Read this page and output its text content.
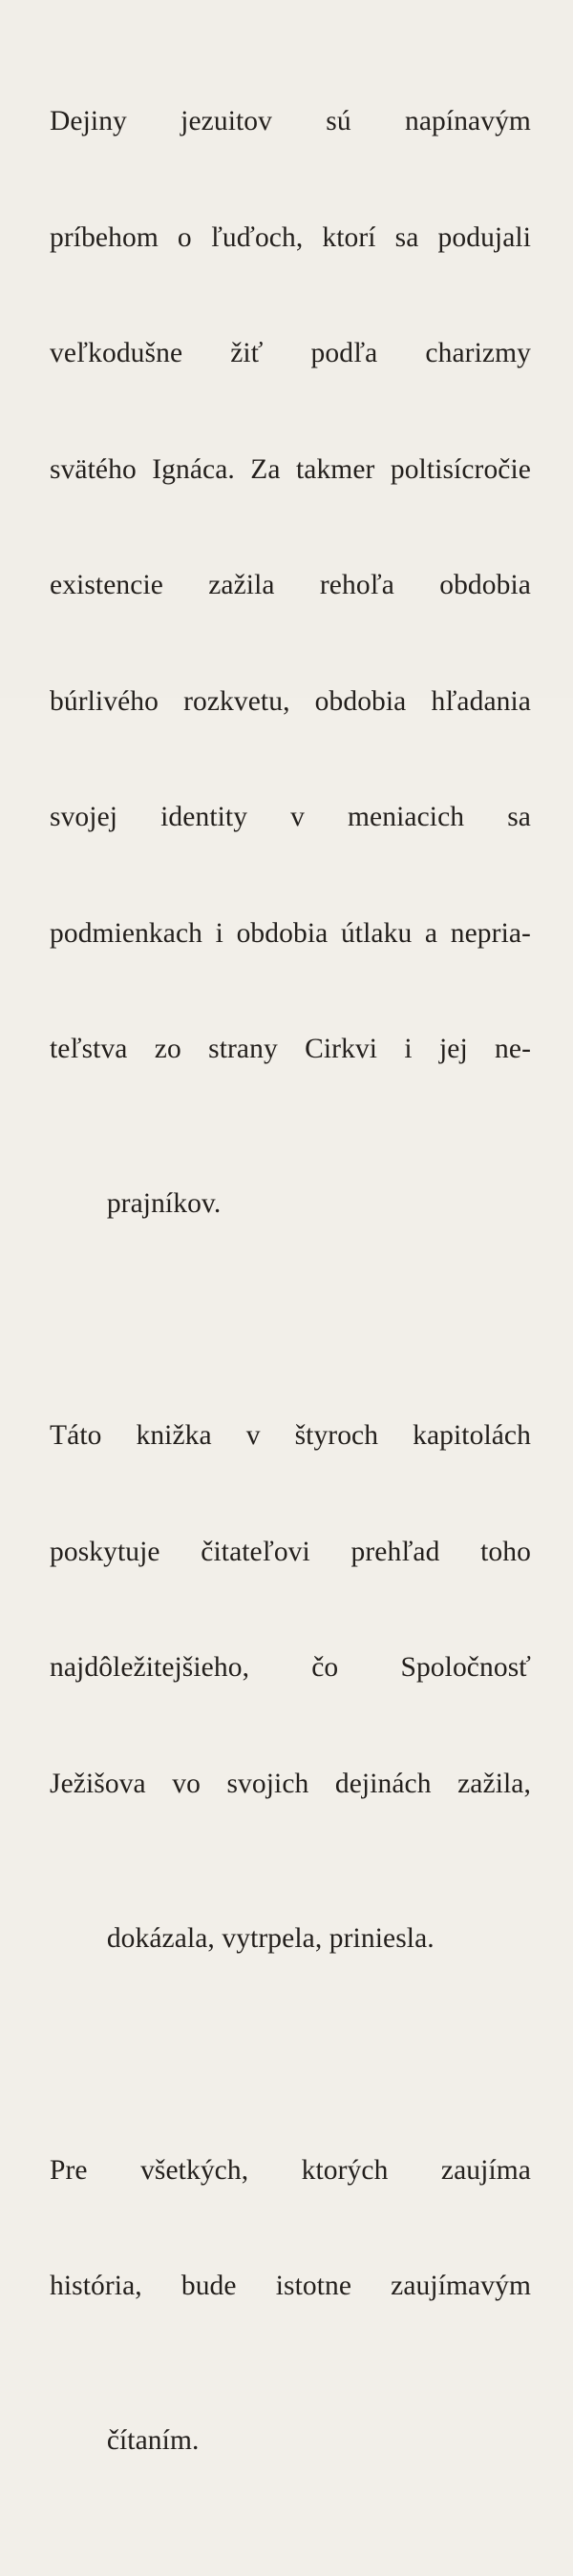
Dejiny jezuitov sú napínavým

príbehom o ľuďoch, ktorí sa podujali

veľkodušne žiť podľa charizmy

svätého Ignáca. Za takmer poltisícročie

existencie zažila rehoľa obdobia

búrlivého rozkvetu, obdobia hľadania

svojej identity v meniacich sa

podmienkach i obdobia útlaku a nepria-

teľstva zo strany Cirkvi i jej ne-

prajníkov.

Táto knižka v štyroch kapitolách

poskytuje čitateľovi prehľad toho

najdôležitejšieho, čo Spoločnosť

Ježišova vo svojich dejinách zažila,

dokázala, vytrpela, priniesla.

Pre všetkých, ktorých zaujíma

história, bude istotne zaujímavým

čítaním.
